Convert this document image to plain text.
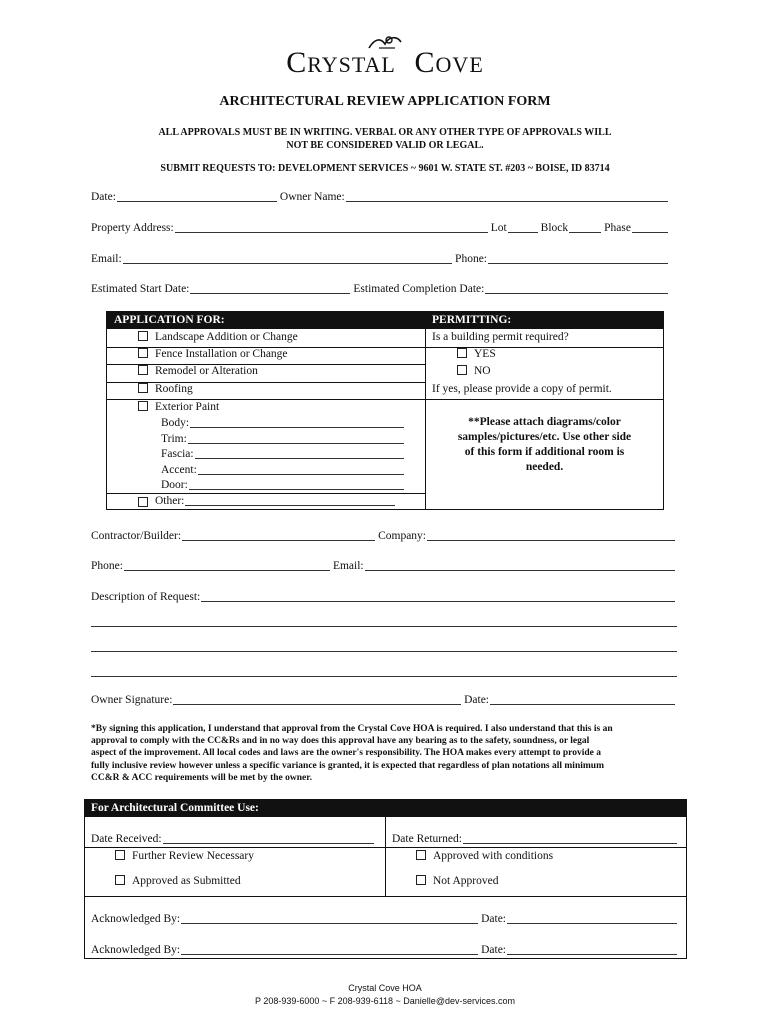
CRYSTAL COVE
ARCHITECTURAL REVIEW APPLICATION FORM
ALL APPROVALS MUST BE IN WRITING. VERBAL OR ANY OTHER TYPE OF APPROVALS WILL
NOT BE CONSIDERED VALID OR LEGAL.
SUBMIT REQUESTS TO: DEVELOPMENT SERVICES ~ 9601 W. STATE ST. #203 ~ BOISE, ID 83714
Date:	Owner Name:
Property Address:	Lot	Block	Phase
Email:	Phone:
Estimated Start Date:	Estimated Completion Date:
APPLICATION FOR:	PERMITTING:
Landscape Addition or Change
Fence Installation or Change
Remodel or Alteration
Roofing
Exterior Paint
Body:
Trim:
Fascia:
Accent:
Door:
Other:
Is a building permit required?
YES
NO
If yes, please provide a copy of permit.
**Please attach diagrams/color
samples/pictures/etc. Use other side
of this form if additional room is
needed.
Contractor/Builder:	Company:
Phone:	Email:
Description of Request:
Owner Signature:	Date:
*By signing this application, I understand that approval from the Crystal Cove HOA is required. I also understand that this is an
approval to comply with the CC&Rs and in no way does this approval have any bearing as to the safety, soundness, or legal
aspect of the improvement. All local codes and laws are the owner's responsibility. The HOA makes every attempt to provide a
fully inclusive review however unless a specific variance is granted, it is expected that regardless of plan notations all minimum
CC&R & ACC requirements will be met by the owner.
For Architectural Committee Use:
Date Received:	Date Returned:
Further Review Necessary	Approved with conditions
Approved as Submitted	Not Approved
Acknowledged By:	Date:
Acknowledged By:	Date:
Crystal Cove HOA
P 208-939-6000 ~ F 208-939-6118 ~ Danielle@dev-services.com
